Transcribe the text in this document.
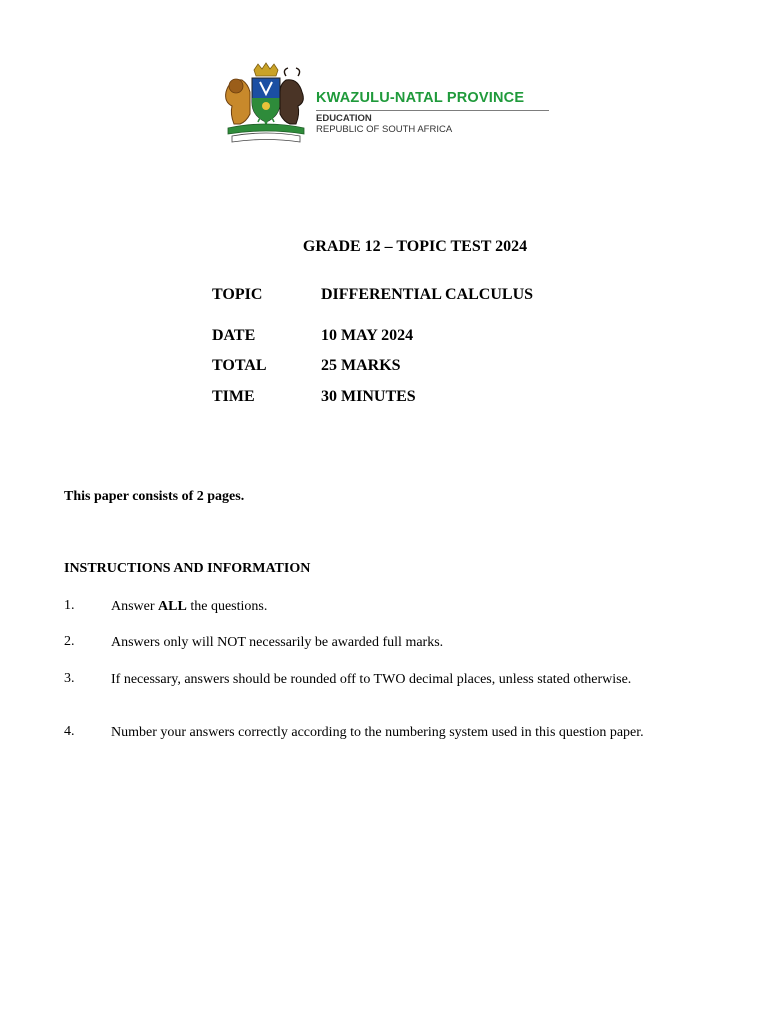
KWAZULU-NATAL PROVINCE
EDUCATION
REPUBLIC OF SOUTH AFRICA
GRADE 12 – TOPIC TEST 2024
TOPIC	DIFFERENTIAL CALCULUS
DATE	10 MAY 2024
TOTAL	25 MARKS
TIME	30 MINUTES
This paper consists of 2 pages.
INSTRUCTIONS AND INFORMATION
1.	Answer ALL the questions.
2.	Answers only will NOT necessarily be awarded full marks.
3.	If necessary, answers should be rounded off to TWO decimal places, unless stated otherwise.
4.	Number your answers correctly according to the numbering system used in this question paper.
